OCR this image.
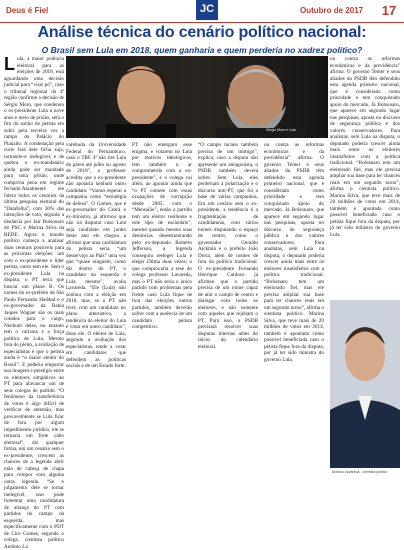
Deus é Fiel	JC
JORNAL DA CIDADE
Outubro de 2017 17
Análise técnica do cenário político nacional:
O Brasil sem Lula em 2018, quem ganharia e quem perderia no xadrez político?
L ula, a maior potência eleitoral para as eleições de 2018, está aguardando uma decisão judicial para “virar pó”, caso o tribunal regional da 4ª região confirme a decisão de Sérgio Moro, que condenou o ex-presidente Lula a nove anos e meio de prisão, será o fim do sonho do petista em subir pela terceira vez a rampa do Palácio do Planalto. A condenação pela corte fará dele ficha suja, tornando-o inelegível, e de quebra o ex-mandatário ainda pode ser mandado para uma prisão, onde cumpriria pena em regime fechado.Atualmente ele lidera todos os cenários da última pesquisa eleitoral do “Datafolha”, com 30% das intenções de voto, seguido a distância por Jair Bolsonaro do PSC e Marina Silva da REDE. Agora o mundo político começa a analisar duas centrais possíveis para as próximas eleições: um com o ex-presidente e líder petista, outro sem ele. Sem o ex-presidente Lula na disputa, o PT teria que buscar um plano B. Os nomes do ex-prefeito de São Paulo Fernando Haddad e o ex-governador da Bahia Jaques Wagner são os mais cotados para o cargo. Nenhum deles, no entanto tem o carisma e a força política de Lula. Mesmo fora do pleito, a avaliação de especialistas é que o petista ainda é “o maior eleitor do Brasil”. E poderia empurrar sua imagem e prestígio entre os eleitores simpáticos ao PT para alavancar um de seus colegas de partido. “O fenômeno da transferência de votos é algo difícil de verificar de antemão, mas provavelmente se Lula ficar de fora por algum impedimento jurídico, ele se tornaria um forte cabo eleitoral”, diz qualquer forma, em um cenário sem o ex-presidente, crescem as chances de a legenda abrir mão de cabeça de chapa para compor com alguma outra legenda. “Se o julgamento dele se tornar inelegível, isso pode fomentar uma candidatura de aliança do PT com partidos do campo da esquerda, mas especificamente com o PDT de Ciro Gomes, segundo o colega, cientista político Antônio La
Sérgio Moro e Lula
varebuda da Universidade Federal do Pernambuco, caso o TRF 4ª não tire Lula do páreo até julho ou agosto de 2018”, o professor acredita que o ex-presidente não apoiaria nenhum outro candidato. “Vamos esperar a campanha como “estratégia de defesa”. O Gomes, que é ex-governador do Ceará e ex-ministro, já afirmou que não irá disputar caso Lula seja candidato em junho deste ano ele chegou a afirmar que uma candidatura do petista seria “um desserviço ao País” uma vez que “quase ninguém, como diz dentro do PT, o candidato da esquerda é Lula mesmo”, avalia Lavareda. “Ele (Lula) não sonhou com a eleição em 2018, mas, se o PT não tiver, com um candidato no plano alternativo, a tendência do eleitor do Lula é votar em outro candidato”, disse ele. O eleitor de Lula, segundo a avaliação dos especialistas, tende a votar em candidatos que defendem as políticas sociais e de um Estado forte.
PT não emergam esse enigma, e votarem no Lula por motivos ideológicos, tem também o ar comprometido com o ex-presidente”, e o colega vai além, ao apontar ainda que “o PT comete com essas ocupações de corrupção desde 2005, com o “Mensalão”, então o partido tem um eleitor resiliente e este tipo de escândalo”, mesmo quando mesmo suas denúncias desestruturando pelo ex-deputado Roberto Jefferson, a legenda conseguiu reeleger Lula e eleger Dilma duas vezes; o que comprovaria a tese do colega professor Lavareda, mas o PT não seria o único partido com problemas pela frente caso Lula fique de fora das eleições outros partidos, também deverão sofrer com a ausência de um candidato petista competitivo.
“O campo tucano também precisa de um inimigo”, explica, caso a disputa não apresente um antagonista, o PSDB também deverá sofrer. Sem Lula, eles perderiam a polarização e o discurso anti-PT, que foi a base de várias campanhas. Em um cenário sem o ex-presidente, a tendência é a fragmentação de candidaturas, com vários nomes disputando o espaço de centro, como o governador Geraldo Alckmin e o prefeito João Doria, além de nomes de fora da política tradicional. O ex-presidente Fernando Henrique Cardoso já afirmou que o partido precisa de um nome capaz de unir o campo de centro e dialogar com todos os eleitores, e não somente com aqueles que rejeitam o PT. Para isso, o PSDB precisará resolver suas disputas internas antes do início do calendário eleitoral.
ou contra as reformas econômicas e da previdência” afirma. O governo Temer e seus aliados do PSDB têm defendido esta agenda primeiro nacional, que é considerada como prioridade e tem conquistado apoio do mercado. Já Bolsonaro, que aparece em segundo lugar nas pesquisas, aposta no discurso de segurança pública e dos valores conservadores. Para analistas, sem Lula na disputa, o deputado poderia crescer ainda mais entre os eleitores insatisfeitos com a política tradicional. “Bolsonaro tem um eleitorado fiel, mas ele precisa ampliar sua base para ter chances reais em um segundo turno”, afirma o cientista político. Marina Silva, que teve mais de 20 milhões de votos em 2014, também é apontada como possível beneficiada caso o petista fique fora da disputa, por já ter sido ministra do governo Lula.
ou contra as reformas econômicas e da previdência” afirma. O governo Temer e seus aliados do PSDB têm defendido esta agenda primeiro nacional, que é considerada como prioridade e tem conquistado apoio do mercado. Já Bolsonaro, que aparece em segundo lugar nas pesquisas, aposta no discurso de segurança pública e dos valores conservadores. Para analistas, sem Lula na disputa, o deputado poderia crescer ainda mais entre os eleitores insatisfeitos com a política tradicional. “Bolsonaro tem um eleitorado fiel, mas ele precisa ampliar sua base para ter chances reais em um segundo turno”, afirma o cientista político. Marina Silva, que teve mais de 20 milhões de votos em 2014, também é apontada como possível beneficiada caso o petista fique fora da disputa, por já ter sido ministra do governo Lula.
Antônio Lavareda - cientista político
